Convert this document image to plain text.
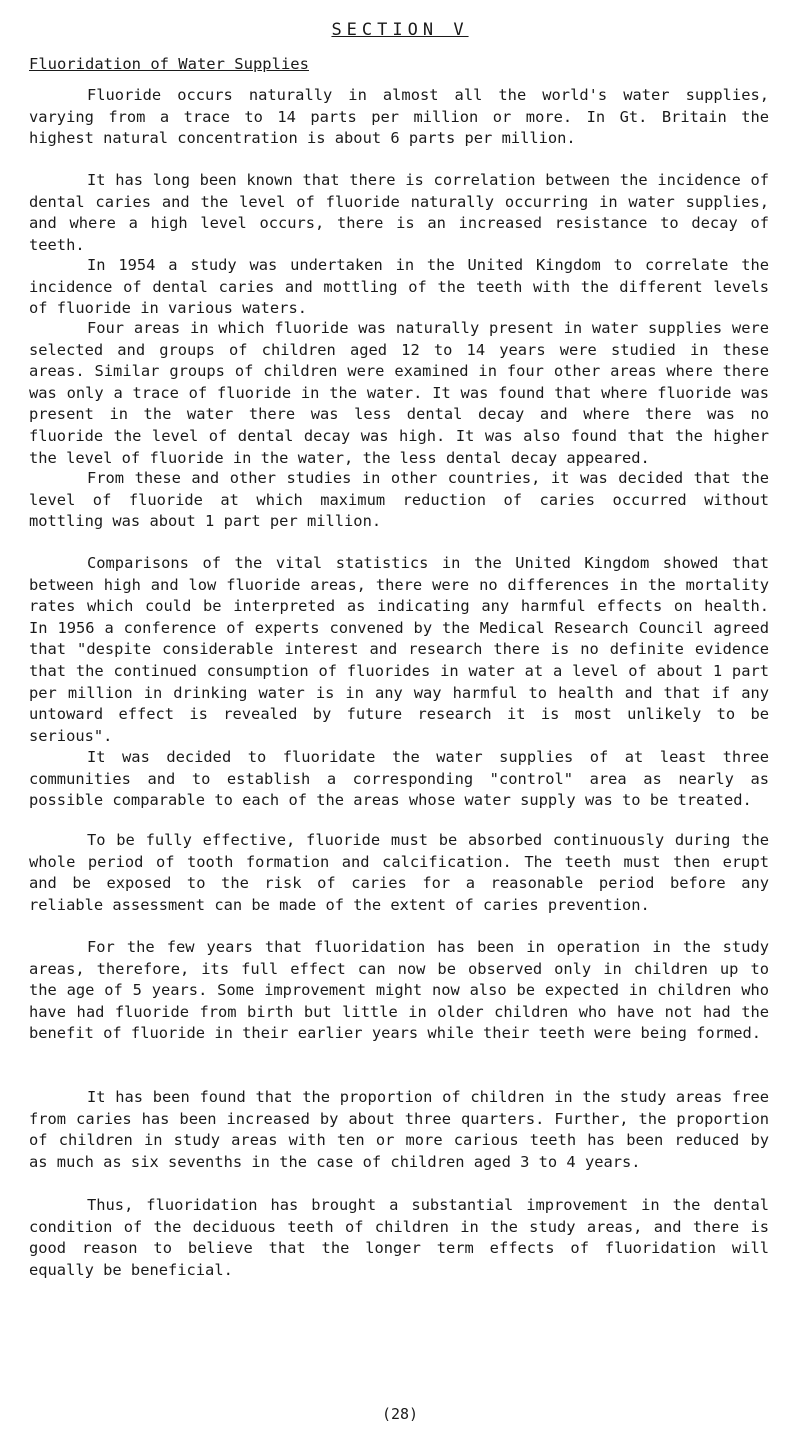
SECTION V
Fluoridation of Water Supplies

Fluoride occurs naturally in almost all the world's water supplies, varying from a trace to 14 parts per million or more. In Gt. Britain the highest natural concentration is about 6 parts per million.

It has long been known that there is correlation between the incidence of dental caries and the level of fluoride naturally occurring in water supplies, and where a high level occurs, there is an increased resistance to decay of teeth.

In 1954 a study was undertaken in the United Kingdom to correlate the incidence of dental caries and mottling of the teeth with the different levels of fluoride in various waters.

Four areas in which fluoride was naturally present in water supplies were selected and groups of children aged 12 to 14 years were studied in these areas. Similar groups of children were examined in four other areas where there was only a trace of fluoride in the water. It was found that where fluoride was present in the water there was less dental decay and where there was no fluoride the level of dental decay was high. It was also found that the higher the level of fluoride in the water, the less dental decay appeared.

From these and other studies in other countries, it was decided that the level of fluoride at which maximum reduction of caries occurred without mottling was about 1 part per million.

Comparisons of the vital statistics in the United Kingdom showed that between high and low fluoride areas, there were no differences in the mortality rates which could be interpreted as indicating any harmful effects on health. In 1956 a conference of experts convened by the Medical Research Council agreed that "despite considerable interest and research there is no definite evidence that the continued consumption of fluorides in water at a level of about 1 part per million in drinking water is in any way harmful to health and that if any untoward effect is revealed by future research it is most unlikely to be serious".

It was decided to fluoridate the water supplies of at least three communities and to establish a corresponding "control" area as nearly as possible comparable to each of the areas whose water supply was to be treated.

To be fully effective, fluoride must be absorbed continuously during the whole period of tooth formation and calcification. The teeth must then erupt and be exposed to the risk of caries for a reasonable period before any reliable assessment can be made of the extent of caries prevention.

For the few years that fluoridation has been in operation in the study areas, therefore, its full effect can now be observed only in children up to the age of 5 years. Some improvement might now also be expected in children who have had fluoride from birth but little in older children who have not had the benefit of fluoride in their earlier years while their teeth were being formed.

It has been found that the proportion of children in the study areas free from caries has been increased by about three quarters. Further, the proportion of children in study areas with ten or more carious teeth has been reduced by as much as six sevenths in the case of children aged 3 to 4 years.

Thus, fluoridation has brought a substantial improvement in the dental condition of the deciduous teeth of children in the study areas, and there is good reason to believe that the longer term effects of fluoridation will equally be beneficial.

(28)
